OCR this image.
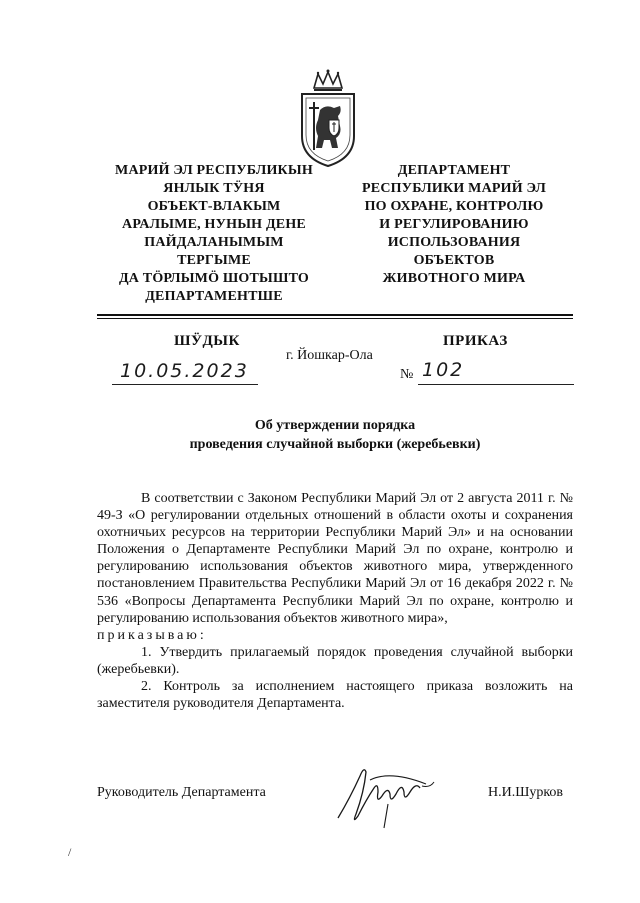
МАРИЙ ЭЛ РЕСПУБЛИКЫН
ЯНЛЫК ТӰНЯ
ОБЪЕКТ-ВЛАКЫМ
АРАЛЫМЕ, НУНЫН ДЕНЕ
ПАЙДАЛАНЫМЫМ
ТЕРГЫМЕ
ДА ТӦРЛЫМӦ ШОТЫШТО
ДЕПАРТАМЕНТШЕ
ДЕПАРТАМЕНТ
РЕСПУБЛИКИ МАРИЙ ЭЛ
ПО ОХРАНЕ, КОНТРОЛЮ
И РЕГУЛИРОВАНИЮ
ИСПОЛЬЗОВАНИЯ
ОБЪЕКТОВ
ЖИВОТНОГО МИРА
ШӰДЫК	ПРИКАЗ
г. Йошкар-Ола
10.05.2023	№ 102
Об утверждении порядка
проведения случайной выборки (жеребьевки)

В соответствии с Законом Республики Марий Эл от 2 августа 2011 г. № 49-З «О регулировании отдельных отношений в области охоты и сохранения охотничьих ресурсов на территории Республики Марий Эл» и на основании Положения о Департаменте Республики Марий Эл по охране, контролю и регулированию использования объектов животного мира, утвержденного постановлением Правительства Республики Марий Эл от 16 декабря 2022 г. № 536 «Вопросы Департамента Республики Марий Эл по охране, контролю и регулированию использования объектов животного мира»,
приказываю:

1. Утвердить прилагаемый порядок проведения случайной выборки (жеребьевки).

2. Контроль за исполнением настоящего приказа возложить на заместителя руководителя Департамента.

Руководитель Департамента	Н.И.Шурков
/
